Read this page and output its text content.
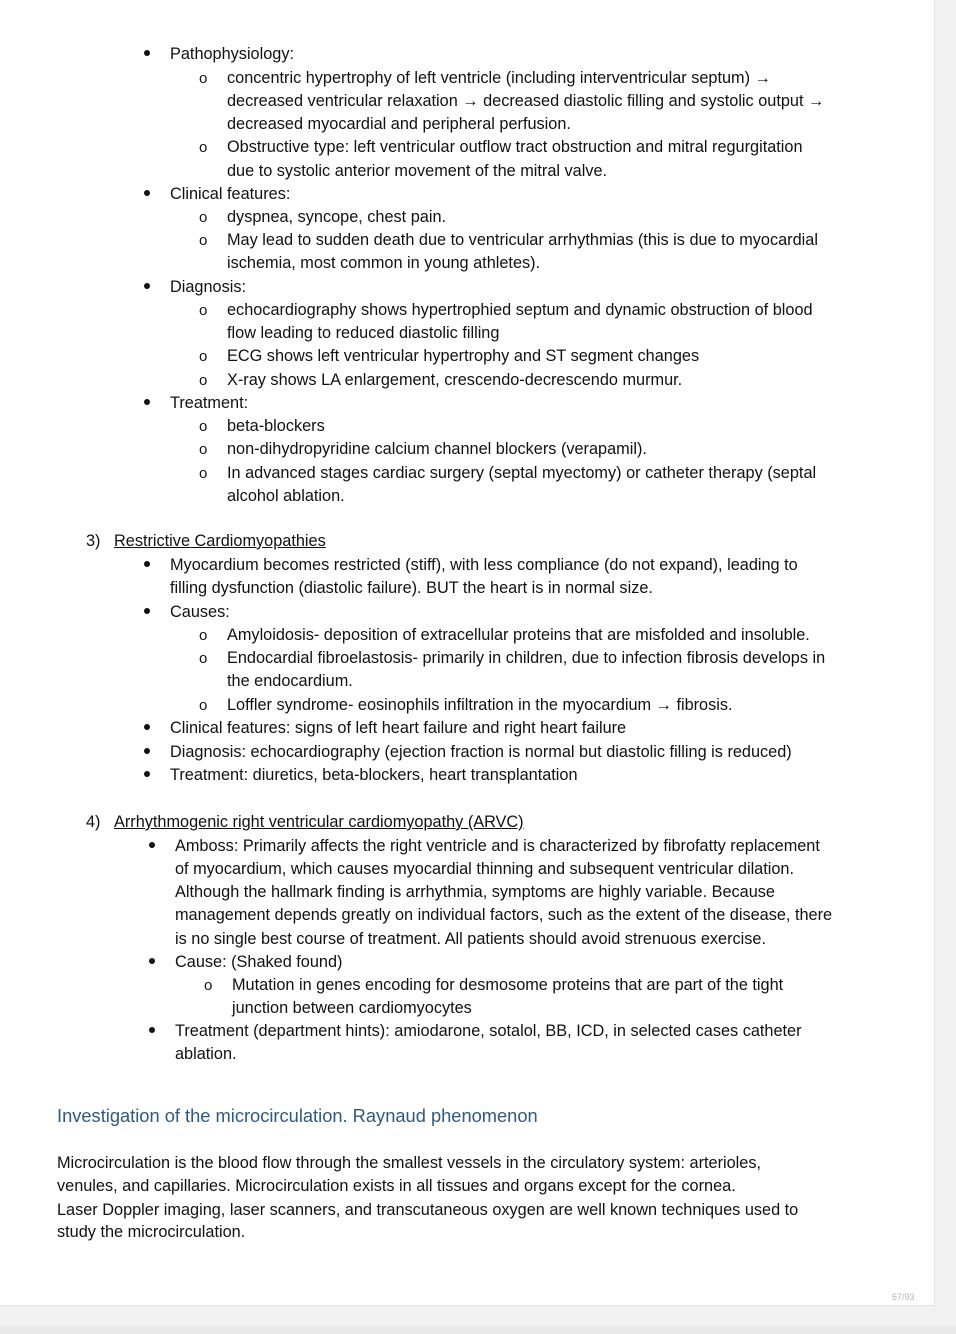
Pathophysiology:
o concentric hypertrophy of left ventricle (including interventricular septum) →
decreased ventricular relaxation → decreased diastolic filling and systolic output →
decreased myocardial and peripheral perfusion.
o Obstructive type: left ventricular outflow tract obstruction and mitral regurgitation
due to systolic anterior movement of the mitral valve.
Clinical features:
o dyspnea, syncope, chest pain.
o May lead to sudden death due to ventricular arrhythmias (this is due to myocardial
ischemia, most common in young athletes).
Diagnosis:
o echocardiography shows hypertrophied septum and dynamic obstruction of blood
flow leading to reduced diastolic filling
o ECG shows left ventricular hypertrophy and ST segment changes
o X-ray shows LA enlargement, crescendo-decrescendo murmur.
Treatment:
o beta-blockers
o non-dihydropyridine calcium channel blockers (verapamil).
o In advanced stages cardiac surgery (septal myectomy) or catheter therapy (septal
alcohol ablation.
3) Restrictive Cardiomyopathies
Myocardium becomes restricted (stiff), with less compliance (do not expand), leading to
filling dysfunction (diastolic failure). BUT the heart is in normal size.
Causes:
o Amyloidosis- deposition of extracellular proteins that are misfolded and insoluble.
o Endocardial fibroelastosis- primarily in children, due to infection fibrosis develops in
the endocardium.
o Loffler syndrome- eosinophils infiltration in the myocardium → fibrosis.
Clinical features: signs of left heart failure and right heart failure
Diagnosis: echocardiography (ejection fraction is normal but diastolic filling is reduced)
Treatment: diuretics, beta-blockers, heart transplantation
4) Arrhythmogenic right ventricular cardiomyopathy (ARVC)
Amboss: Primarily affects the right ventricle and is characterized by fibrofatty replacement
of myocardium, which causes myocardial thinning and subsequent ventricular dilation.
Although the hallmark finding is arrhythmia, symptoms are highly variable. Because
management depends greatly on individual factors, such as the extent of the disease, there
is no single best course of treatment. All patients should avoid strenuous exercise.
Cause: (Shaked found)
o Mutation in genes encoding for desmosome proteins that are part of the tight
junction between cardiomyocytes
Treatment (department hints): amiodarone, sotalol, BB, ICD, in selected cases catheter
ablation.
Investigation of the microcirculation. Raynaud phenomenon
Microcirculation is the blood flow through the smallest vessels in the circulatory system: arterioles,
venules, and capillaries. Microcirculation exists in all tissues and organs except for the cornea.
Laser Doppler imaging, laser scanners, and transcutaneous oxygen are well known techniques used to
study the microcirculation.
67/93
